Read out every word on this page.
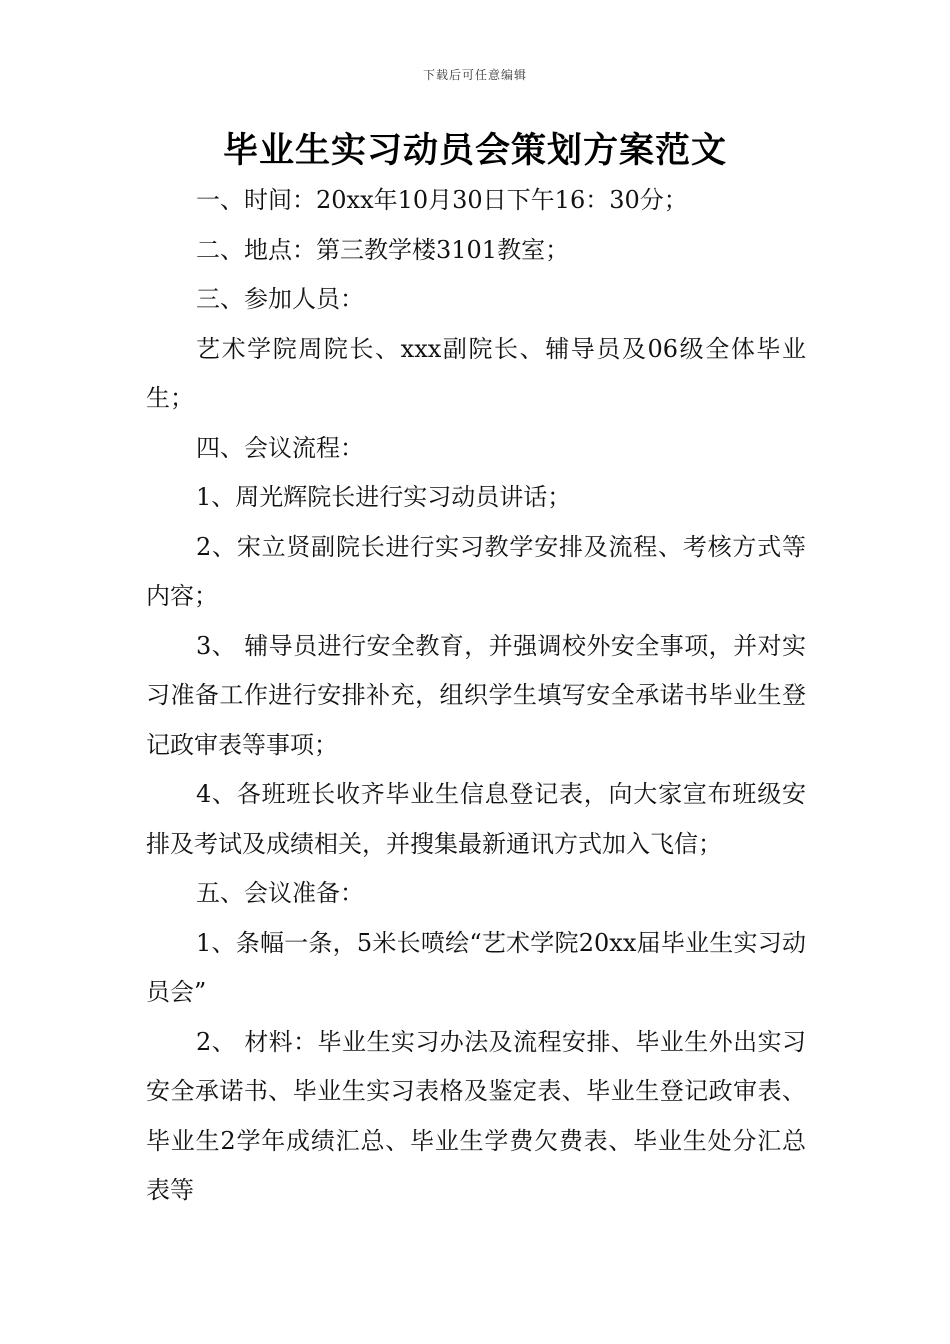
下载后可任意编辑
毕业生实习动员会策划方案范文

一、时间：20xx年10月30日下午16：30分；

二、地点：第三教学楼3101教室；

三、参加人员：

艺术学院周院长、xxx副院长、辅导员及06级全体毕业生；

四、会议流程：

1、周光辉院长进行实习动员讲话；

2、宋立贤副院长进行实习教学安排及流程、考核方式等内容；

3、 辅导员进行安全教育，并强调校外安全事项，并对实习准备工作进行安排补充，组织学生填写安全承诺书毕业生登记政审表等事项；

4、各班班长收齐毕业生信息登记表，向大家宣布班级安排及考试及成绩相关，并搜集最新通讯方式加入飞信；

五、会议准备：

1、条幅一条，5米长喷绘“艺术学院20xx届毕业生实习动员会”

2、 材料：毕业生实习办法及流程安排、毕业生外出实习安全承诺书、毕业生实习表格及鉴定表、毕业生登记政审表、毕业生2学年成绩汇总、毕业生学费欠费表、毕业生处分汇总表等
